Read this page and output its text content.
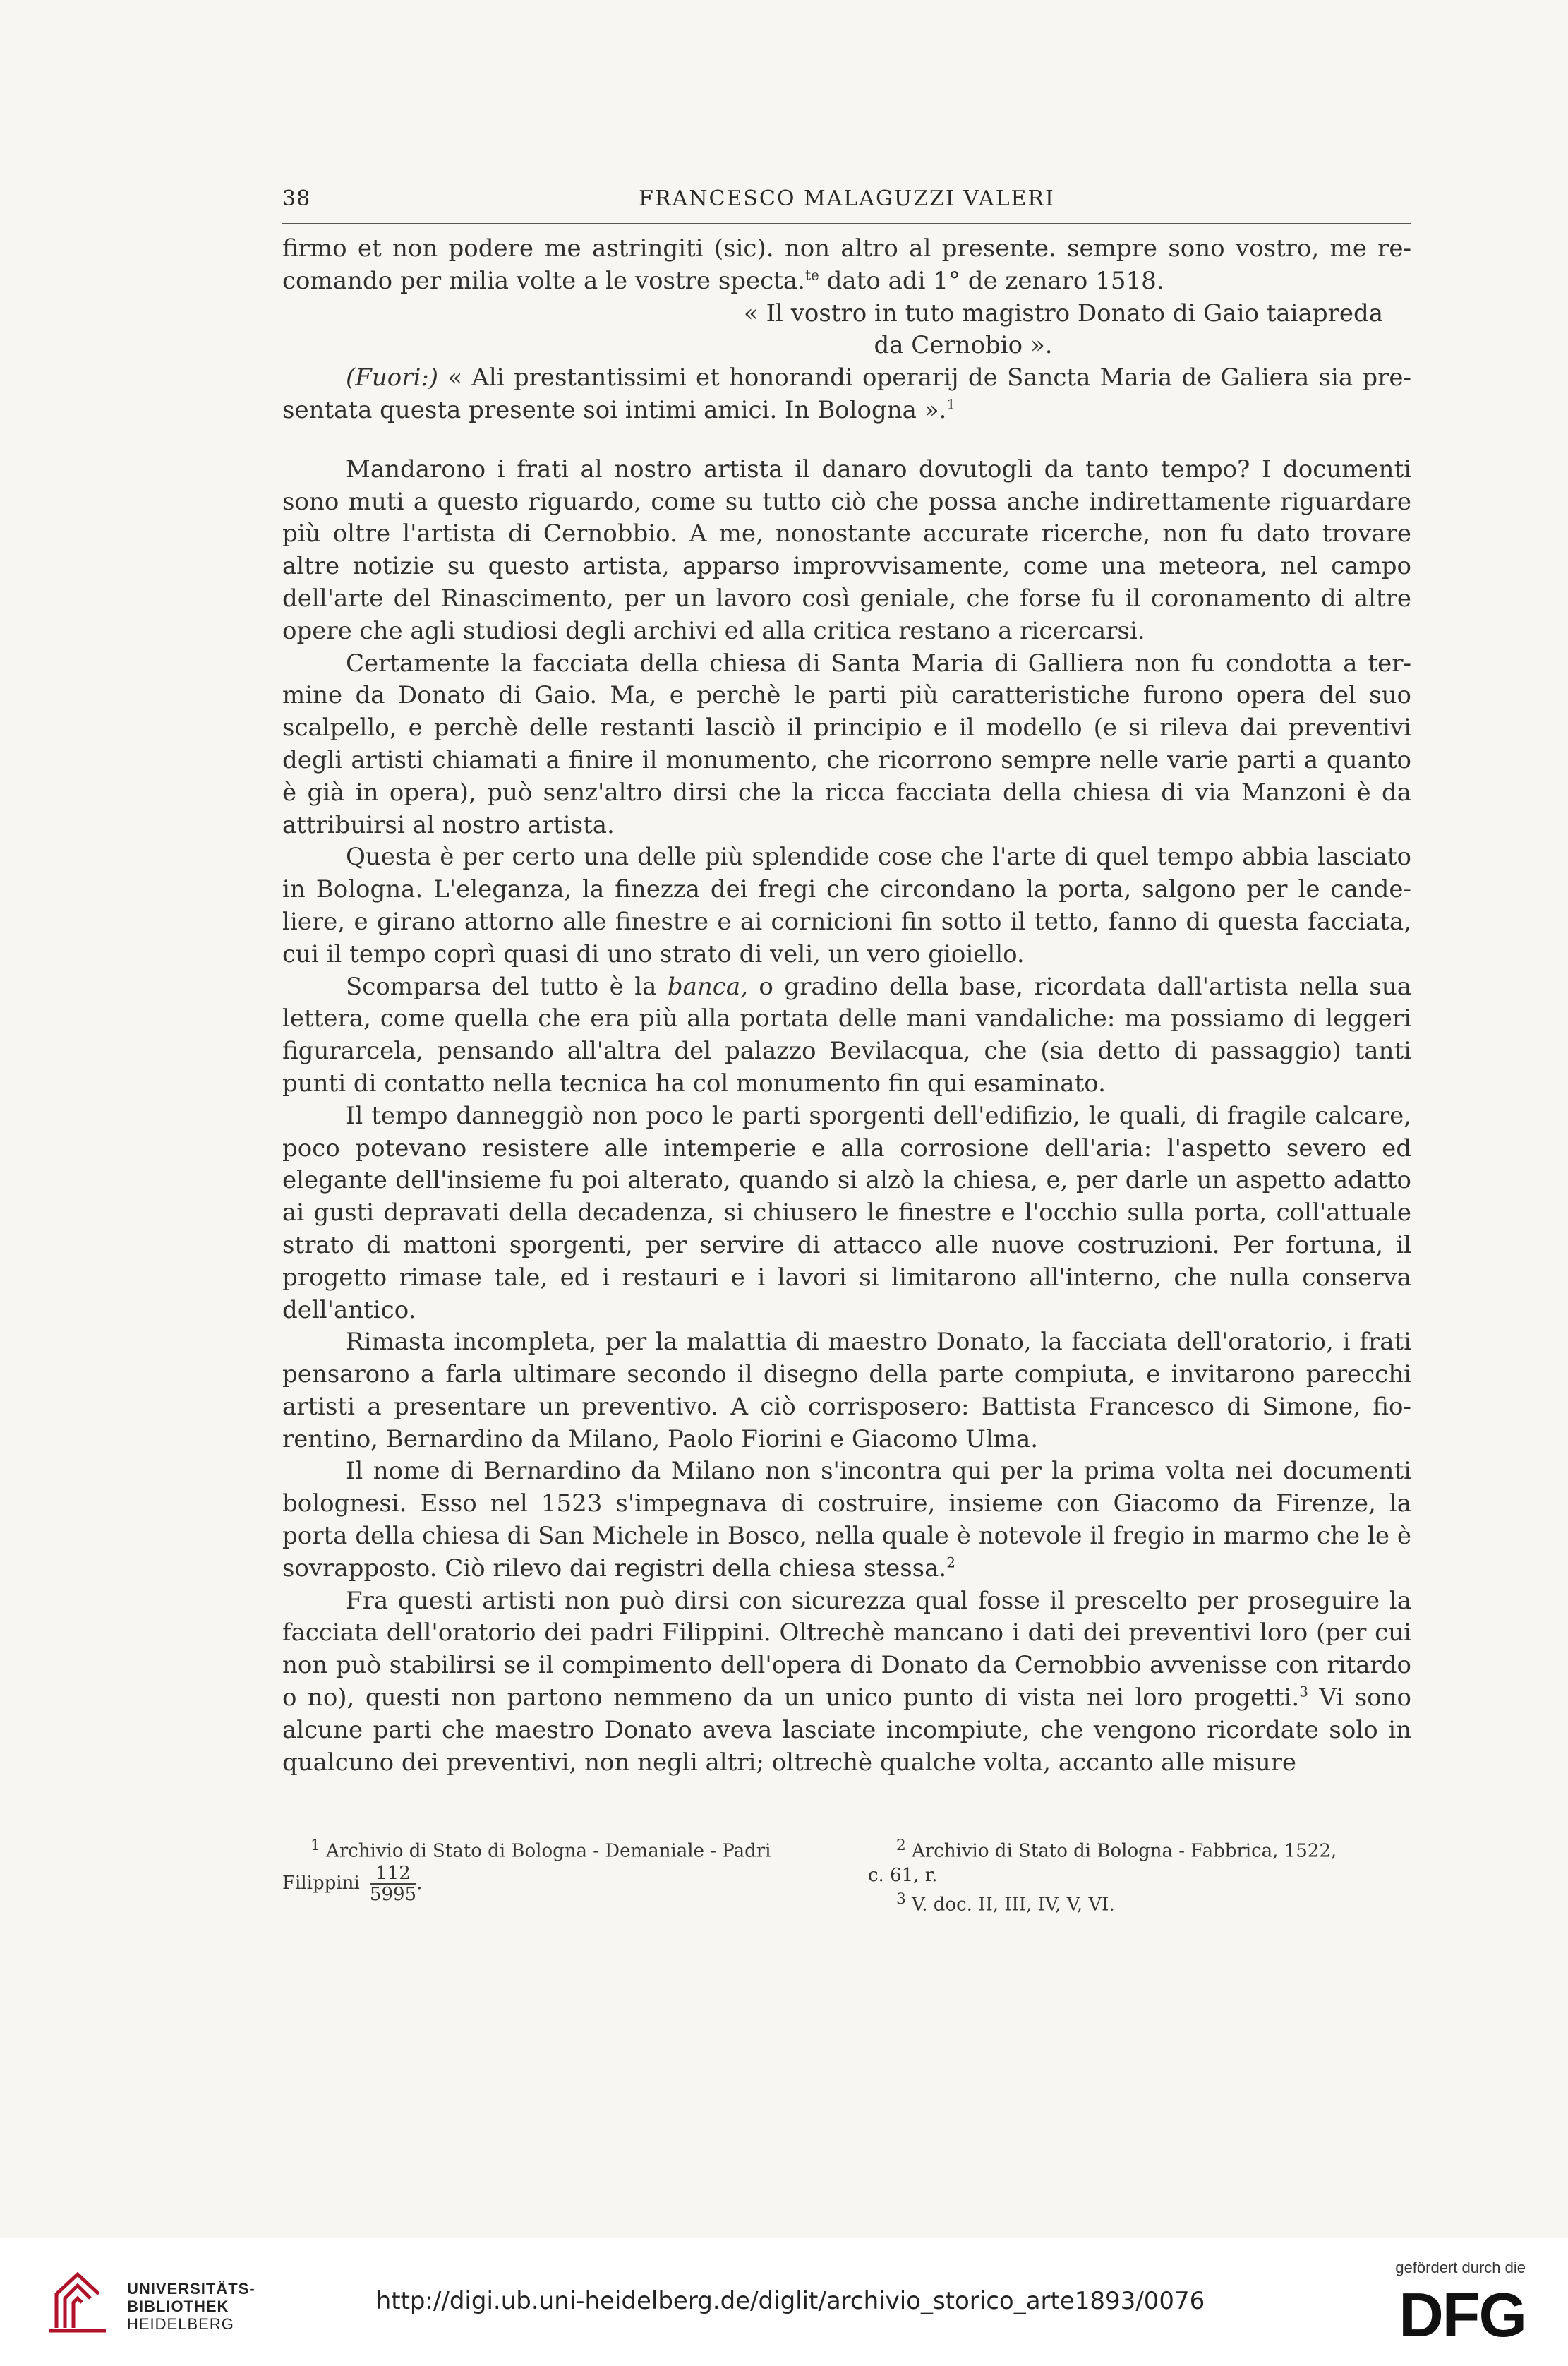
38	FRANCESCO MALAGUZZI VALERI

firmo et non podere me astringiti (sic). non altro al presente. sempre sono vostro, me re-comando per milia volte a le vostre specta.$^{te}$ dato adi 1° de zenaro 1518.

« Il vostro in tuto magistro Donato di Gaio taiapreda

da Cernobio ».

(Fuori:) « Ali prestantissimi et honorandi operarij de Sancta Maria de Galiera sia pre-sentata questa presente soi intimi amici. In Bologna ».$^1$

Mandarono i frati al nostro artista il danaro dovutogli da tanto tempo? I documenti sono muti a questo riguardo, come su tutto ciò che possa anche indirettamente riguardare più oltre l'artista di Cernobbio. A me, nonostante accurate ricerche, non fu dato trovare altre notizie su questo artista, apparso improvvisamente, come una meteora, nel campo dell'arte del Rinascimento, per un lavoro così geniale, che forse fu il coronamento di altre opere che agli studiosi degli archivi ed alla critica restano a ricercarsi.

Certamente la facciata della chiesa di Santa Maria di Galliera non fu condotta a ter-mine da Donato di Gaio. Ma, e perchè le parti più caratteristiche furono opera del suo scalpello, e perchè delle restanti lasciò il principio e il modello (e si rileva dai preventivi degli artisti chiamati a finire il monumento, che ricorrono sempre nelle varie parti a quanto è già in opera), può senz'altro dirsi che la ricca facciata della chiesa di via Manzoni è da attribuirsi al nostro artista.

Questa è per certo una delle più splendide cose che l'arte di quel tempo abbia lasciato in Bologna. L'eleganza, la finezza dei fregi che circondano la porta, salgono per le cande-liere, e girano attorno alle finestre e ai cornicioni fin sotto il tetto, fanno di questa facciata, cui il tempo coprì quasi di uno strato di veli, un vero gioiello.

Scomparsa del tutto è la banca, o gradino della base, ricordata dall'artista nella sua lettera, come quella che era più alla portata delle mani vandaliche: ma possiamo di leggeri figurarcela, pensando all'altra del palazzo Bevilacqua, che (sia detto di passaggio) tanti punti di contatto nella tecnica ha col monumento fin qui esaminato.

Il tempo danneggiò non poco le parti sporgenti dell'edifizio, le quali, di fragile calcare, poco potevano resistere alle intemperie e alla corrosione dell'aria: l'aspetto severo ed elegante dell'insieme fu poi alterato, quando si alzò la chiesa, e, per darle un aspetto adatto ai gusti depravati della decadenza, si chiusero le finestre e l'occhio sulla porta, coll'attuale strato di mattoni sporgenti, per servire di attacco alle nuove costruzioni. Per fortuna, il progetto rimase tale, ed i restauri e i lavori si limitarono all'interno, che nulla conserva dell'antico.

Rimasta incompleta, per la malattia di maestro Donato, la facciata dell'oratorio, i frati pensarono a farla ultimare secondo il disegno della parte compiuta, e invitarono parecchi artisti a presentare un preventivo. A ciò corrisposero: Battista Francesco di Simone, fio-rentino, Bernardino da Milano, Paolo Fiorini e Giacomo Ulma.

Il nome di Bernardino da Milano non s'incontra qui per la prima volta nei documenti bolognesi. Esso nel 1523 s'impegnava di costruire, insieme con Giacomo da Firenze, la porta della chiesa di San Michele in Bosco, nella quale è notevole il fregio in marmo che le è sovrapposto. Ciò rilevo dai registri della chiesa stessa.$^2$

Fra questi artisti non può dirsi con sicurezza qual fosse il prescelto per proseguire la facciata dell'oratorio dei padri Filippini. Oltrechè mancano i dati dei preventivi loro (per cui non può stabilirsi se il compimento dell'opera di Donato da Cernobbio avvenisse con ritardo o no), questi non partono nemmeno da un unico punto di vista nei loro progetti.$^3$ Vi sono alcune parti che maestro Donato aveva lasciate incompiute, che vengono ricordate solo in qualcuno dei preventivi, non negli altri; oltrechè qualche volta, accanto alle misure

$^1$ Archivio di Stato di Bologna - Demaniale - Padri
Filippini $\frac{112}{5995}$ .
$^2$ Archivio di Stato di Bologna - Fabbrica, 1522,
c. 61, r.
$^3$ V. doc. II, III, IV, V, VI.
UNIVERSITÄTS-
BIBLIOTHEK
HEIDELBERG
http://digi.ub.uni-heidelberg.de/diglit/archivio_storico_arte1893/0076
gefördert durch die
DFG
